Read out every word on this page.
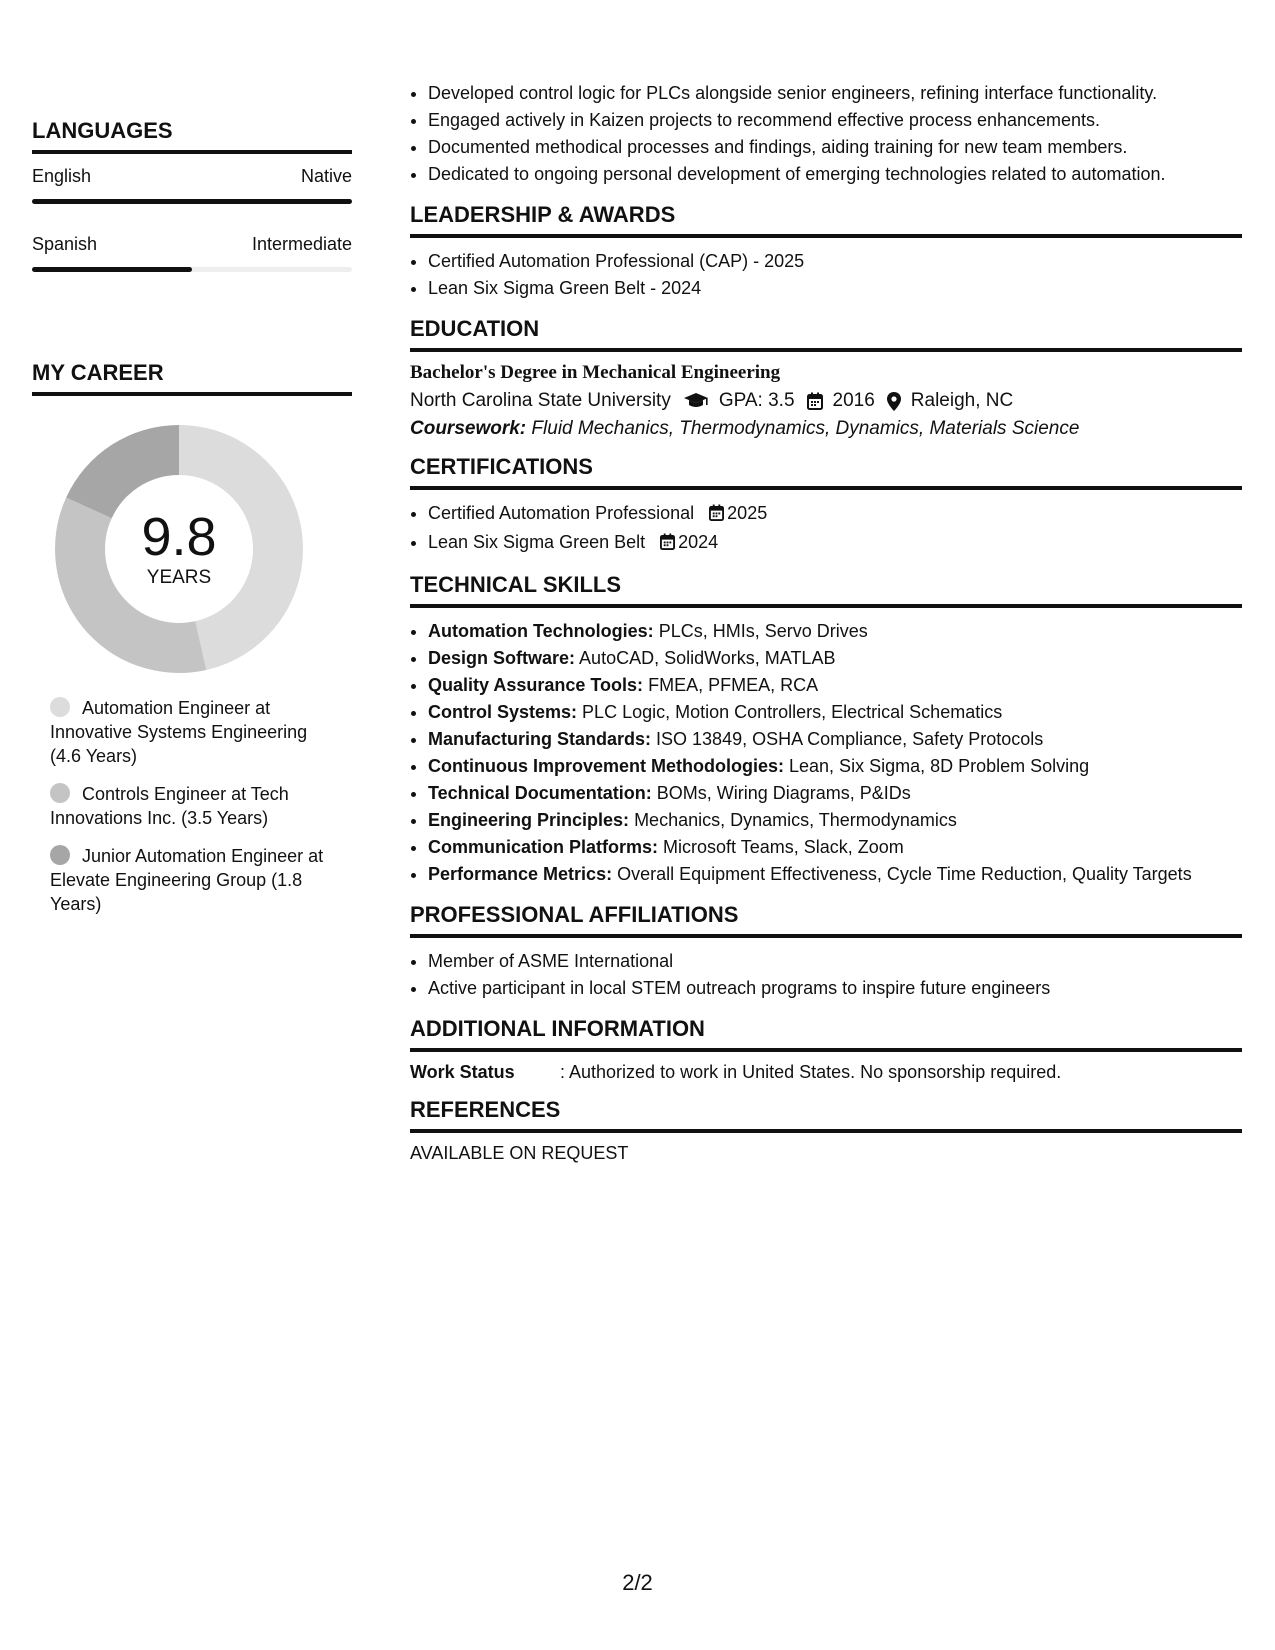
LANGUAGES
English	Native
Spanish	Intermediate
MY CAREER
9.8
YEARS
Automation Engineer at Innovative Systems Engineering (4.6 Years)
Controls Engineer at Tech Innovations Inc. (3.5 Years)
Junior Automation Engineer at Elevate Engineering Group (1.8 Years)
• Developed control logic for PLCs alongside senior engineers, refining interface functionality.
• Engaged actively in Kaizen projects to recommend effective process enhancements.
• Documented methodical processes and findings, aiding training for new team members.
• Dedicated to ongoing personal development of emerging technologies related to automation.
LEADERSHIP & AWARDS
• Certified Automation Professional (CAP) - 2025
• Lean Six Sigma Green Belt - 2024
EDUCATION
Bachelor's Degree in Mechanical Engineering
North Carolina State University	GPA: 3.5 2016 Raleigh, NC
Coursework: Fluid Mechanics, Thermodynamics, Dynamics, Materials Science
CERTIFICATIONS
• Certified Automation Professional 2025
• Lean Six Sigma Green Belt 2024
TECHNICAL SKILLS
• Automation Technologies: PLCs, HMIs, Servo Drives
• Design Software: AutoCAD, SolidWorks, MATLAB
• Quality Assurance Tools: FMEA, PFMEA, RCA
• Control Systems: PLC Logic, Motion Controllers, Electrical Schematics
• Manufacturing Standards: ISO 13849, OSHA Compliance, Safety Protocols
• Continuous Improvement Methodologies: Lean, Six Sigma, 8D Problem Solving
• Technical Documentation: BOMs, Wiring Diagrams, P&IDs
• Engineering Principles: Mechanics, Dynamics, Thermodynamics
• Communication Platforms: Microsoft Teams, Slack, Zoom
• Performance Metrics: Overall Equipment Effectiveness, Cycle Time Reduction, Quality Targets
PROFESSIONAL AFFILIATIONS
• Member of ASME International
• Active participant in local STEM outreach programs to inspire future engineers
ADDITIONAL INFORMATION
Work Status	: Authorized to work in United States. No sponsorship required.
REFERENCES
AVAILABLE ON REQUEST
2/2
